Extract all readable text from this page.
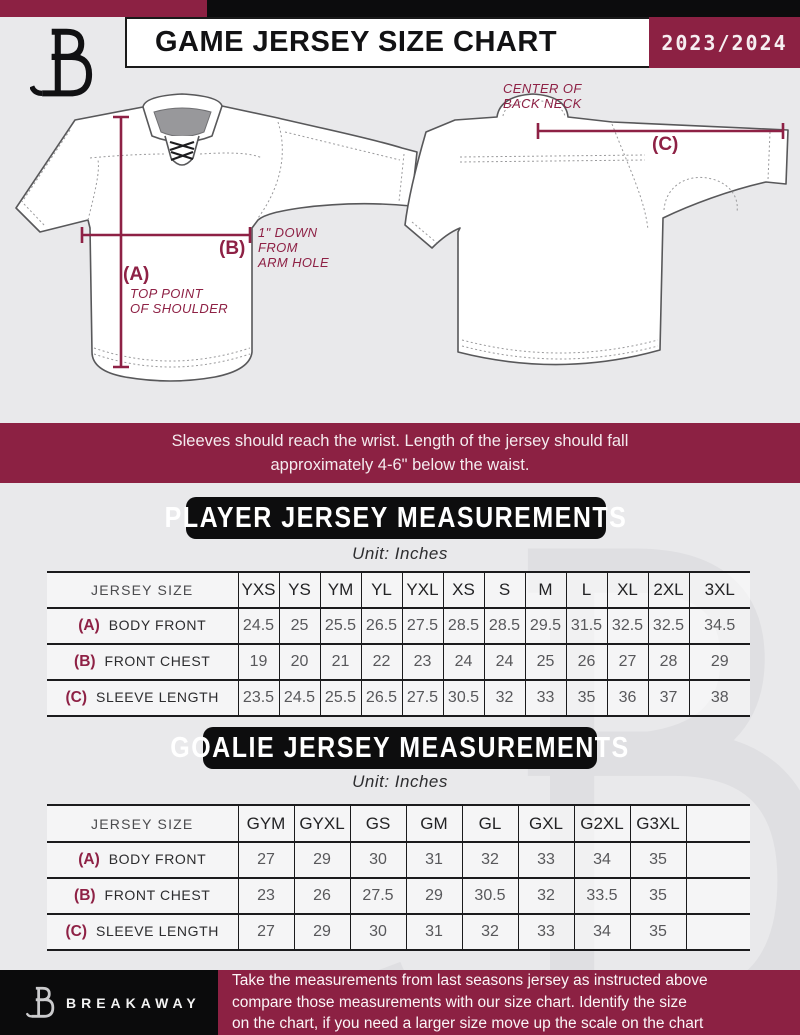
GAME JERSEY SIZE CHART	2023/2024
CENTER OF
BACK NECK
(C)
(B)
1" DOWN
FROM
ARM HOLE
(A)
TOP POINT
OF SHOULDER
Sleeves should reach the wrist. Length of the jersey should fall
approximately 4-6" below the waist.
PLAYER JERSEY MEASUREMENTS
Unit: Inches
JERSEY SIZE	YXS	YS	YM	YL	YXL	XS	S	M	L	XL	2XL	3XL
(A) BODY FRONT	24.5	25	25.5	26.5	27.5	28.5	28.5	29.5	31.5	32.5	32.5	34.5
(B) FRONT CHEST	19	20	21	22	23	24	24	25	26	27	28	29
(C) SLEEVE LENGTH	23.5	24.5	25.5	26.5	27.5	30.5	32	33	35	36	37	38
GOALIE JERSEY MEASUREMENTS
Unit: Inches
JERSEY SIZE	GYM	GYXL	GS	GM	GL	GXL	G2XL	G3XL	
(A) BODY FRONT	27	29	30	31	32	33	34	35	
(B) FRONT CHEST	23	26	27.5	29	30.5	32	33.5	35	
(C) SLEEVE LENGTH	27	29	30	31	32	33	34	35	
BREAKAWAY
Take the measurements from last seasons jersey as instructed above
compare those measurements with our size chart. Identify the size
on the chart, if you need a larger size move up the scale on the chart
